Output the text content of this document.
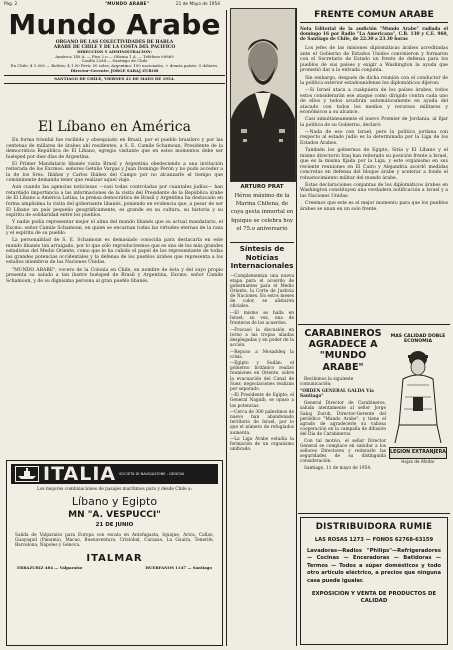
Pág. 2	"MUNDO ARABE"	21 de Mayo de 1954
Mundo Arabe
ORGANO DE LAS COLECTIVIDADES DE HABLA
ARABE DE CHILE Y DE LA COSTA DEL PACIFICO
DIRECCION Y ADMINISTRACION:
Amórica 149 A. — Piso 2.o — Oficina 1 A. — Teléfono 69869
Casilla 2284 — Santiago de Chile
En Chile: $ 1.000 — Bolivia: $ 1.00 Perú: 50 soles; Argentina: 100 nacionales, + demás países: 5 dólares.
Director-Gerente: JORGE SABAJ ZUROB
SANTIAGO DE CHILE, VIERNES 21 DE MAYO DE 1954.
El Líbano en América

En forma triunfal fue recibido y obsequiado en Brasil, por el pueblo brasilero y por las centenas de millares de árabes ahí residentes, a S. E. Camile Schamoun, Presidente de la democrática República de El Líbano, egregio visitante que en estos momentos debe ser huésped por diez días de Argentina.

El Primer Mandatario libanés visita Brasil y Argentina obedeciendo a una invitación reiterada de los Excmos. señores Getulio Vargas y Juan Domingo Perón y no pudo acceder a la de los Sres. Ibáñez y Carlos Ibáñez del Campo por no alcanzarle el tiempo que comúnmente demanda tener que realizar aquel viaje.

Aun cuando las agencias noticiosas —casi todas controladas por cuantales judíos— han retardado importancia a las informaciones de la visita del Presidente de la República árabe de El Líbano a América Latina, la prensa democrática de Brasil y Argentina ha destacado en forma amplísima la visita del gobernante libanés, poniendo en evidencia que, a pesar de ser El Líbano un país pequeño geográficamente, es grande en su cultura, su historia y su espíritu de solidaridad entre los pueblos.

Y nadie podía representar mejor el alma del mundo libanés que su actual mandatario, el Excmo. señor Camile Schamoun, en quien se encarnan todas las virtudes eternas de la raza y el espíritu de su pueblo.

La personalidad de S. E. Schamoun es demasiado conocida para destacarla en este mundo libanés tan arraigado, por lo que sólo reproduciremos que es uno de los más grandes estadistas del Medio Oriente, como que le ha cabido el papel de los representante de todas las grandes potencias occidentales y la defensa de los pueblos árabes que representa a los estados miembros de las Naciones Unidas.

"MUNDO ARABE", vocero de la Colonia en Chile, en nombre de ésta y del suyo propio presenta su saludo a tan ilustre huésped de Brasil y Argentina, Excmo. señor Camile Schamoun, y de su dignísima persona al gran pueblo libanés.

ITALIA SOCIETA DI NAVIGAZIONE - GENOVA
Los mejores combinaciones de pasajes marítimos para y desde Chile a:
Líbano y Egipto
MN "A. VESPUCCI"
21 DE JUNIO
Salida de Valparaíso para Europa con escala en Antofagasta, Iquique, Arica, Callao, Guayaquil (Panamá), Macao, Buenaventura, Cristóbal, Curazao, La Guaira, Tenerife, Barcelona, Nápoles y Génova.
ITALMAR
ERRAZURIZ 484 — Valparaíso	HUERFANOS 1147 — Santiago
ARTURO PRAT
Héroe máximo de la Marina Chilena, de cuya gesta inmortal en Iquique se celebra hoy el 75.o aniversario
Síntesis de Noticias Internacionales

—Complementan una nueva etapa para el acuerdo de gobernantes para el Medio Oriente, la Corte de Justicia de Naciones. En estos meses de calor, se alistaron oficiales.

—El mismo se halla en Israel; su vez, una de fronteras de los acuerdos.

—Fracasó la discusión en torno a las tropas aliadas desplegadas y en poder de la acción.

—Repuso a Mosaddeq la crisis.

—Egipto y Sudán: el gobierno británico realizó reuniones en Oriente, sobre la evacuación del Canal de Suez; negociaciones realizan por separado.

—El Presidente de Egipto; el General Naguib, se opuso a las potencias.

—Cerca de 300 palestinos de nuevo han abandonado territorio de Israel, por lo que el número de refugiados aumenta.

—La Liga Árabe estudia la formación de un organismo unificado.

FRENTE COMUN ARABE
Nota Editorial de la audición "Mundo Arabe" radiada el domingo 16 por Radio "La Americana", C.B. 130 y C.E. 960, de Santiago de Chile, de 22.30 a 23.30 horas

Los jefes de las misiones diplomáticas árabes acreditadas ante el Gobierno de Estados Unidos convinieron y formaron con el Secretario de Estado un frente de defensa para los pueblos de sus países y exigir a Washington la ayuda que prometió dar a la entrada conjunta.

Sin embargo, después de dicha reunión con el conductor de la política exterior estadounidense los diplomáticos dijeron:

—Si Israel ataca a cualquiera de los países árabes, todos estos considerarán ese ataque como dirigido contra cada uno de ellos y todos acudirán automáticamente en ayuda del atacado con todos los medios y recursos militares y económicos a su alcance.

Casi simultáneamente el nuevo Premier de Jordania, al fijar la política de su Gobierno, declaró:

—Nada de eso con Israel, pero la política jordana con respecto al estado judío es la determinada por la Liga de los Estados Árabes.

También los gobiernos de Egipto, Siria y El Líbano y el mismo directorio Iraq han reiterado su posición frente a Israel, que es la misma fijada por la Liga, y este organismo en sus reciente reuniones en El Cairo y Alejandría acordó medidas concretas en defensa del bloque árabe y acelerar a fondo el robustecimiento militar del mundo árabe.

Estas declaraciones conjuntas de los diplomáticos árabes en Washington constituyen una verdadera notificación a Israel y a las Naciones Unidas.

Creemos que este es el mejor momento para que los pueblos árabes se unan en un solo frente.

CARABINEROS
AGRADECE A
"MUNDO ARABE"
Recibimos la siguiente comunicación:
"ORDEN GENERAL GALDA Vía Santiago"

General Director de Carabineros, saluda atentamente al señor Jorge Sabaj Zurob, Director-Gerente del periódico "Mundo Arabe", y tiene el agrado de agradecerle su valiosa cooperación en la campaña de difusión del Día de Carabineros.

Con tal motivo, el señor Director General se complace en saludar a los señores Directores y reiterarle las seguridades de su distinguida consideración.

Santiago, 11 de mayo de 1954.

MAS CALIDAD DOBLE ECONOMIA
LEGION EXTRANJERA
Hojas de Afeitar
DISTRIBUIDORA RUMIE
LAS ROSAS 1273 — FONOS 62768-63159
Lavadoras—Radios "Philips"—Refrigeradores — Cocinas — Enceradoras — Batidoras — Termos — Todos a súper domésticos y todo otro artículo eléctrico, a precios que ninguna casa puede igualar.
EXPOSICION Y VENTA DE PRODUCTOS DE CALIDAD
